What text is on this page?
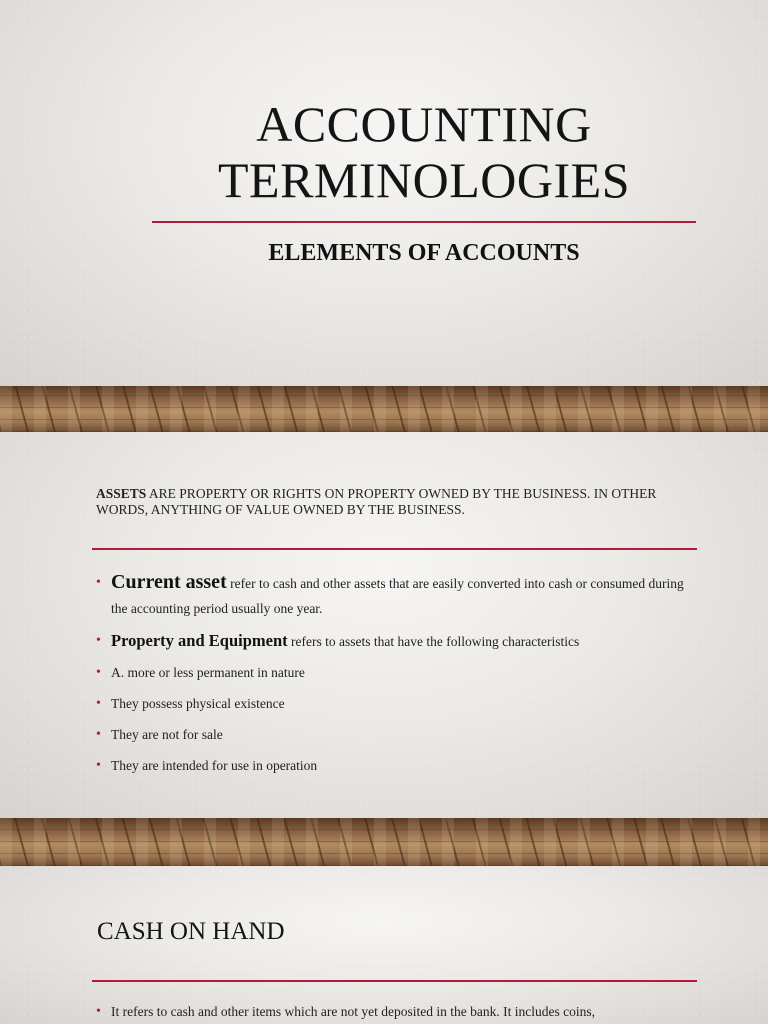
ACCOUNTING
TERMINOLOGIES
ELEMENTS OF ACCOUNTS
ASSETS ARE PROPERTY OR RIGHTS ON PROPERTY OWNED BY THE BUSINESS. IN OTHER WORDS, ANYTHING OF VALUE OWNED BY THE BUSINESS.
• Current asset refer to cash and other assets that are easily converted into cash or consumed during the accounting period usually one year.
• Property and Equipment refers to assets that have the following characteristics
• A. more or less permanent in nature
• They possess physical existence
• They are not for sale
• They are intended for use in operation
CASH ON HAND
• It refers to cash and other items which are not yet deposited in the bank. It includes coins,
